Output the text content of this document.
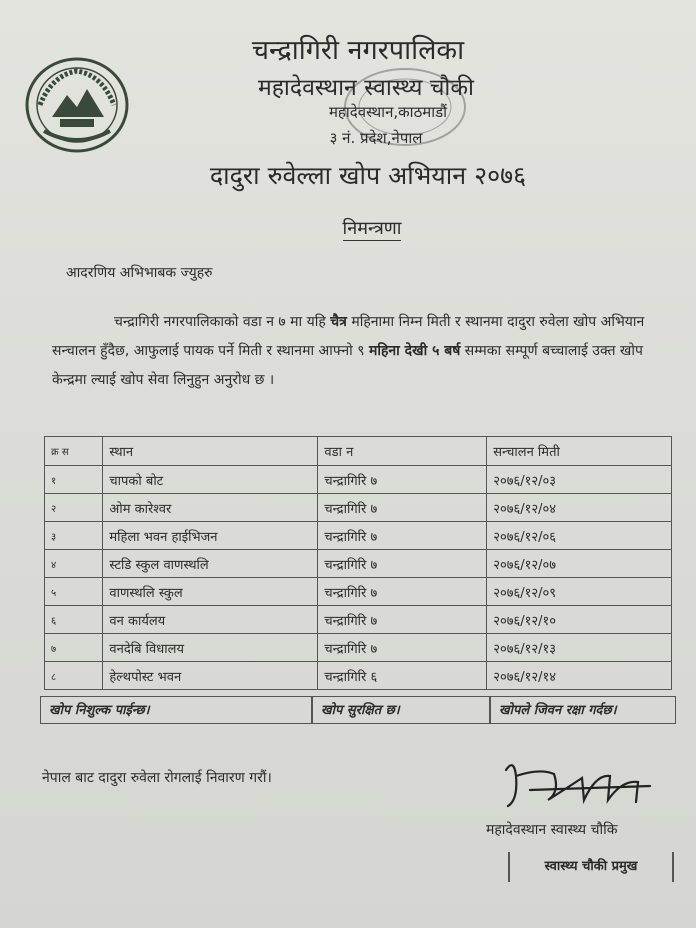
चन्द्रागिरी नगरपालिका
महादेवस्थान स्वास्थ्य चौकी
महादेवस्थान,काठमाडौं
३ नं. प्रदेश,नेपाल
दादुरा रुवेल्ला खोप अभियान २०७६
निमन्त्रणा
आदरणिय अभिभाबक ज्युहरु
चन्द्रागिरी नगरपालिकाको वडा न ७ मा यहि चैत्र महिनामा निम्न मिती र स्थानमा दादुरा रुवेला खोप अभियान सन्चालन हुँदैछ, आफुलाई पायक पर्ने मिती र स्थानमा आफ्नो ९ महिना देखी ५ बर्ष सम्मका सम्पूर्ण बच्चालाई उक्त खोप केन्द्रमा ल्याई खोप सेवा लिनुहुन अनुरोध छ ।
क्र स	स्थान	वडा न	सन्चालन मिती
१	चापको बोट	चन्द्रागिरि ७	२०७६/१२/०३
२	ओम कारेश्वर	चन्द्रागिरि ७	२०७६/१२/०४
३	महिला भवन हाईभिजन	चन्द्रागिरि ७	२०७६/१२/०६
४	स्टडि स्कुल वाणस्थलि	चन्द्रागिरि ७	२०७६/१२/०७
५	वाणस्थलि स्कुल	चन्द्रागिरि ७	२०७६/१२/०९
६	वन कार्यलय	चन्द्रागिरि ७	२०७६/१२/१०
७	वनदेबि विधालय	चन्द्रागिरि ७	२०७६/१२/१३
८	हेल्थपोस्ट भवन	चन्द्रागिरि ६	२०७६/१२/१४
खोप निशुल्क पाईन्छ।	खोप सुरक्षित छ।	खोपले जिवन रक्षा गर्दछ।
नेपाल बाट दादुरा रुवेला रोगलाई निवारण गरौं।
महादेवस्थान स्वास्थ्य चौकि
स्वास्थ्य चौकी प्रमुख
